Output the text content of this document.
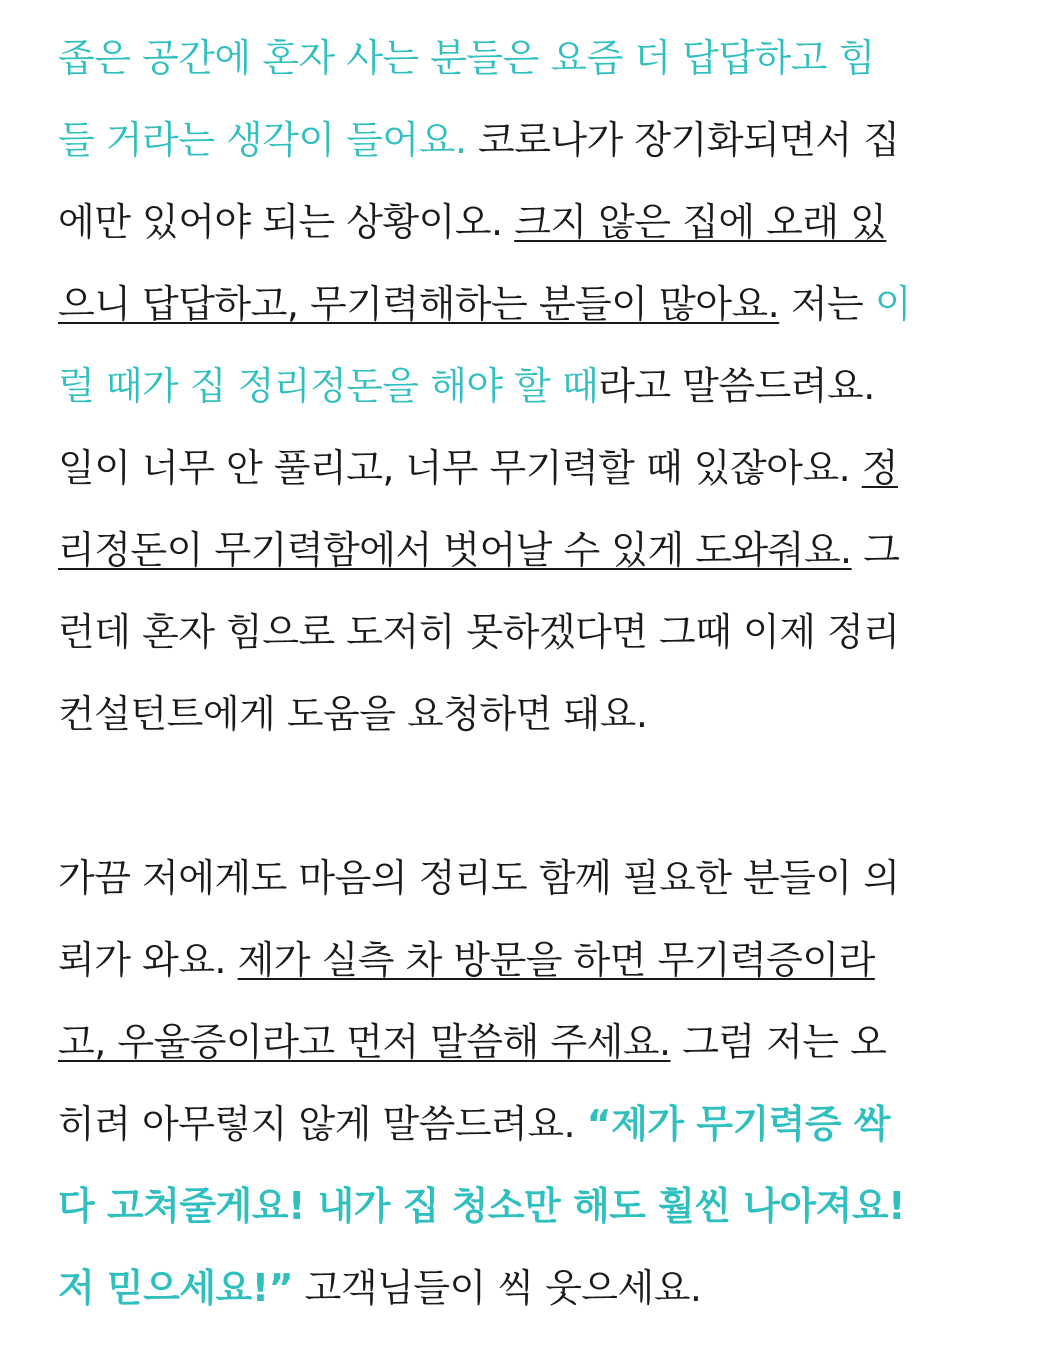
좁은 공간에 혼자 사는 분들은 요즘 더 답답하고 힘
들 거라는 생각이 들어요. 코로나가 장기화되면서 집
에만 있어야 되는 상황이오. 크지 않은 집에 오래 있
으니 답답하고, 무기력해하는 분들이 많아요. 저는 이
럴 때가 집 정리정돈을 해야 할 때라고 말씀드려요.
일이 너무 안 풀리고, 너무 무기력할 때 있잖아요. 정
리정돈이 무기력함에서 벗어날 수 있게 도와줘요. 그
런데 혼자 힘으로 도저히 못하겠다면 그때 이제 정리
컨설턴트에게 도움을 요청하면 돼요.
가끔 저에게도 마음의 정리도 함께 필요한 분들이 의
뢰가 와요. 제가 실측 차 방문을 하면 무기력증이라
고, 우울증이라고 먼저 말씀해 주세요. 그럼 저는 오
히려 아무렇지 않게 말씀드려요. “제가 무기력증 싹
다 고쳐줄게요! 내가 집 청소만 해도 훨씬 나아져요!
저 믿으세요!” 고객님들이 씩 웃으세요.
